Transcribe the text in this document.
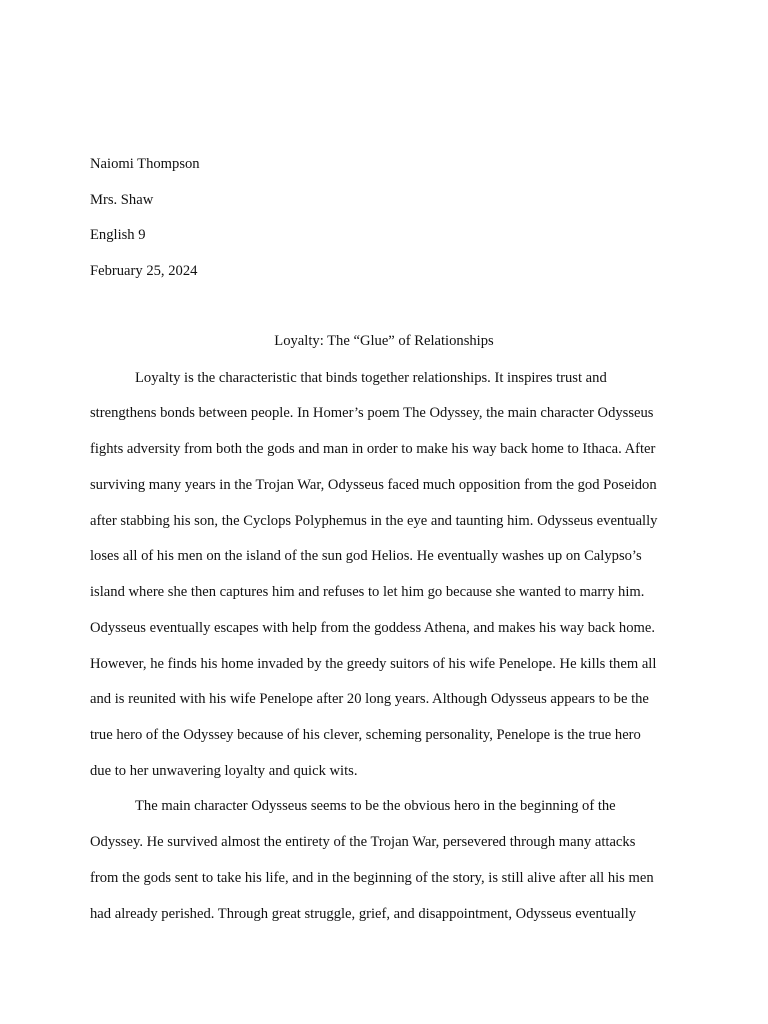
Naiomi Thompson
Mrs. Shaw
English 9
February 25, 2024
Loyalty: The “Glue” of Relationships
Loyalty is the characteristic that binds together relationships. It inspires trust and
strengthens bonds between people. In Homer’s poem The Odyssey, the main character Odysseus
fights adversity from both the gods and man in order to make his way back home to Ithaca. After
surviving many years in the Trojan War, Odysseus faced much opposition from the god Poseidon
after stabbing his son, the Cyclops Polyphemus in the eye and taunting him. Odysseus eventually
loses all of his men on the island of the sun god Helios. He eventually washes up on Calypso’s
island where she then captures him and refuses to let him go because she wanted to marry him.
Odysseus eventually escapes with help from the goddess Athena, and makes his way back home.
However, he finds his home invaded by the greedy suitors of his wife Penelope. He kills them all
and is reunited with his wife Penelope after 20 long years. Although Odysseus appears to be the
true hero of the Odyssey because of his clever, scheming personality, Penelope is the true hero
due to her unwavering loyalty and quick wits.
The main character Odysseus seems to be the obvious hero in the beginning of the
Odyssey. He survived almost the entirety of the Trojan War, persevered through many attacks
from the gods sent to take his life, and in the beginning of the story, is still alive after all his men
had already perished. Through great struggle, grief, and disappointment, Odysseus eventually
